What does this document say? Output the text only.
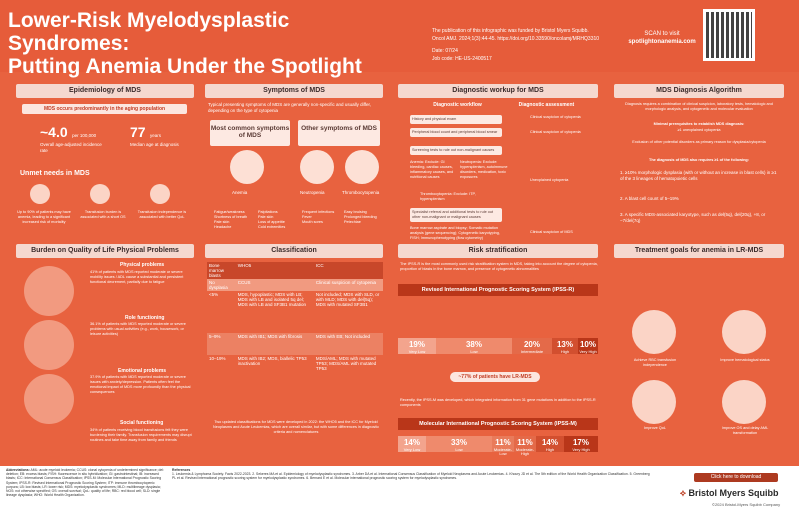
Lower-Risk Myelodysplastic Syndromes:
Putting Anemia Under the Spotlight
The publication of this infographic was funded by Bristol Myers Squibb.
Oncol AMJ. 2024;1(3):44-45. https://doi.org/10.33590/oncolamj/MRHQ3310
Date: 07/24
Job code: HE-US-2400517
SCAN to visit
spotlightonanemia.com
Epidemiology of MDS
MDS occurs predominantly in the aging population
~4.0 per 100,000
Overall age-adjusted incidence rate
77 years
Median age at diagnosis
Unmet needs in MDS
Up to 90% of patients may have anemia, leading to a significant increased risk of mortality
Transfusion burden is associated with a short OS
Transfusion independence is associated with better QoL
Symptoms of MDS
Typical presenting symptoms of MDS are generally non-specific and usually differ, depending on the type of cytopenia
Most common symptoms of MDS
Other symptoms of MDS
Anemia	Neutropenia	Thrombocytopenia
Fatigue/weakness
Shortness of breath
Pale skin
Headache
Palpitations
Pale skin
Loss of appetite
Cold extremities
Frequent infections
Fever
Mouth sores
Easy bruising
Prolonged bleeding
Petechiae
Diagnostic workup for MDS
Diagnostic workflow	Diagnostic assessment
History and physical exam	Clinical suspicion of cytopenia
Peripheral blood count and peripheral blood smear	Clinical suspicion of cytopenia
Screening tests to rule out non-malignant causes
Anemia: Exclude: GI bleeding, cardiac causes, inflammatory causes, and nutritional causes
Neutropenia: Exclude: hypersplenism, autoimmune disorders, medication, toxic exposures
Unexplained cytopenia
Thrombocytopenia: Exclude: ITP, hypersplenism
Specialist referral and additional tests to rule out other non-malignant or malignant causes
Bone marrow aspirate and biopsy; Somatic mutation analysis (gene sequencing); Cytogenetic karyotyping, FISH; Immunophenotyping (flow cytometry)
Clinical suspicion of MDS
MDS Diagnosis Algorithm
Diagnosis requires a combination of clinical suspicion, laboratory tests, hematologic and morphologic analysis, and cytogenetic and molecular evaluation
Minimal prerequisites to establish MDS diagnosis:
≥1 unexplained cytopenia
Exclusion of other potential disorders as primary reason for dysplasia/cytopenia
The diagnosis of MDS also requires ≥1 of the following:
1. ≥10% morphologic dysplasia (with or without an increase in blast cells) in ≥1 of the 3 lineages of hematopoietic cells
2. A blast cell count of 5–19%
3. A specific MDS-associated karyotype, such as del(5q), del(20q), +8, or −7/del(7q)
Burden on Quality of Life Physical Problems
Physical problems
41% of patients with MDS reported moderate or severe mobility issues / ADL cause a substantial and persistent functional decrement, partially due to fatigue
Role functioning
36.1% of patients with MDS reported moderate or severe problems with usual activities (e.g., work, housework, or leisure activities)
Emotional problems
37.9% of patients with MDS reported moderate or severe issues with anxiety/depression. Patients often feel the emotional impact of MDS more profoundly than the physical consequences
Social functioning
34% of patients receiving blood transfusions felt they were burdening their family. Transfusion requirements may disrupt routines and take time away from family and friends
Classification
Bone marrow blasts	WHO5	ICC
No dysplasia	CCUS	Clinical suspicion of cytopenia
<5%	MDS, hypoplastic; MDS with LB; MDS with LB and isolated 5q del; MDS with LB and SF3B1 mutation	Not included; MDS with SLD, or with MLD; MDS with del(5q); MDS with mutated SF3B1
5–9%	MDS with IB1; MDS with fibrosis	MDS with EB; Not included
10–19%	MDS with IB2; MDS, biallelic TP53 inactivation	MDS/AML; MDS with mutated TP53; MDS/AML with mutated TP53
Two updated classifications for MDS were developed in 2022: the WHO5 and the ICC for Myeloid Neoplasms and Acute Leukemias, which are overall similar, but with some differences in diagnostic criteria and nomenclatures
Risk stratification
The IPSS-R is the most commonly used risk stratification system in MDS, taking into account the degree of cytopenia, proportion of blasts in the bone marrow, and presence of cytogenetic abnormalities
Revised International Prognostic Scoring System (IPSS-R)
19%
Very Low
38%
Low
20%
Intermediate
13%
High
10%
Very High
~77% of patients have LR-MDS
Recently, the IPSS-M was developed, which integrated information from 31 gene mutations in addition to the IPSS-R components
Molecular International Prognostic Scoring System (IPSS-M)
14%
Very Low
33%
Low
11%
Moderate-Low
11%
Moderate-High
14%
High
17%
Very High
Treatment goals for anemia in LR-MDS
Achieve RBC transfusion independence
Improve hematological status
Improve QoL	Improve OS and delay AML transformation
Abbreviations: AML: acute myeloid leukemia; CCUS: clonal cytopenia of undetermined significance; del: deletion; EB: excess blasts; FISH: fluorescence in situ hybridization; GI: gastrointestinal; IB: increased blasts; ICC: International Consensus Classification; IPSS-M: Molecular International Prognostic Scoring System; IPSS-R: Revised International Prognostic Scoring System; ITP: immune thrombocytopenic purpura; LB: low blasts; LR: lower risk; MDS: myelodysplastic syndromes; MLD: multilineage dysplasia; NOS: not otherwise specified; OS: overall survival; QoL: quality of life; RBC: red blood cell; SLD: single lineage dysplasia; WHO: World Health Organization.
References
1. Leukemia & Lymphoma Society. Facts 2022-2023. 2. Sekeres MA et al. Epidemiology of myelodysplastic syndromes. 3. Arber DA et al. International Consensus Classification of Myeloid Neoplasms and Acute Leukemias. 4. Khoury JD et al. The 5th edition of the World Health Organization Classification. 5. Greenberg PL et al. Revised international prognostic scoring system for myelodysplastic syndromes. 6. Bernard E et al. Molecular international prognostic scoring system for myelodysplastic syndromes.	Click here to download
⟡ Bristol Myers Squibb
©2024 Bristol-Myers Squibb Company
